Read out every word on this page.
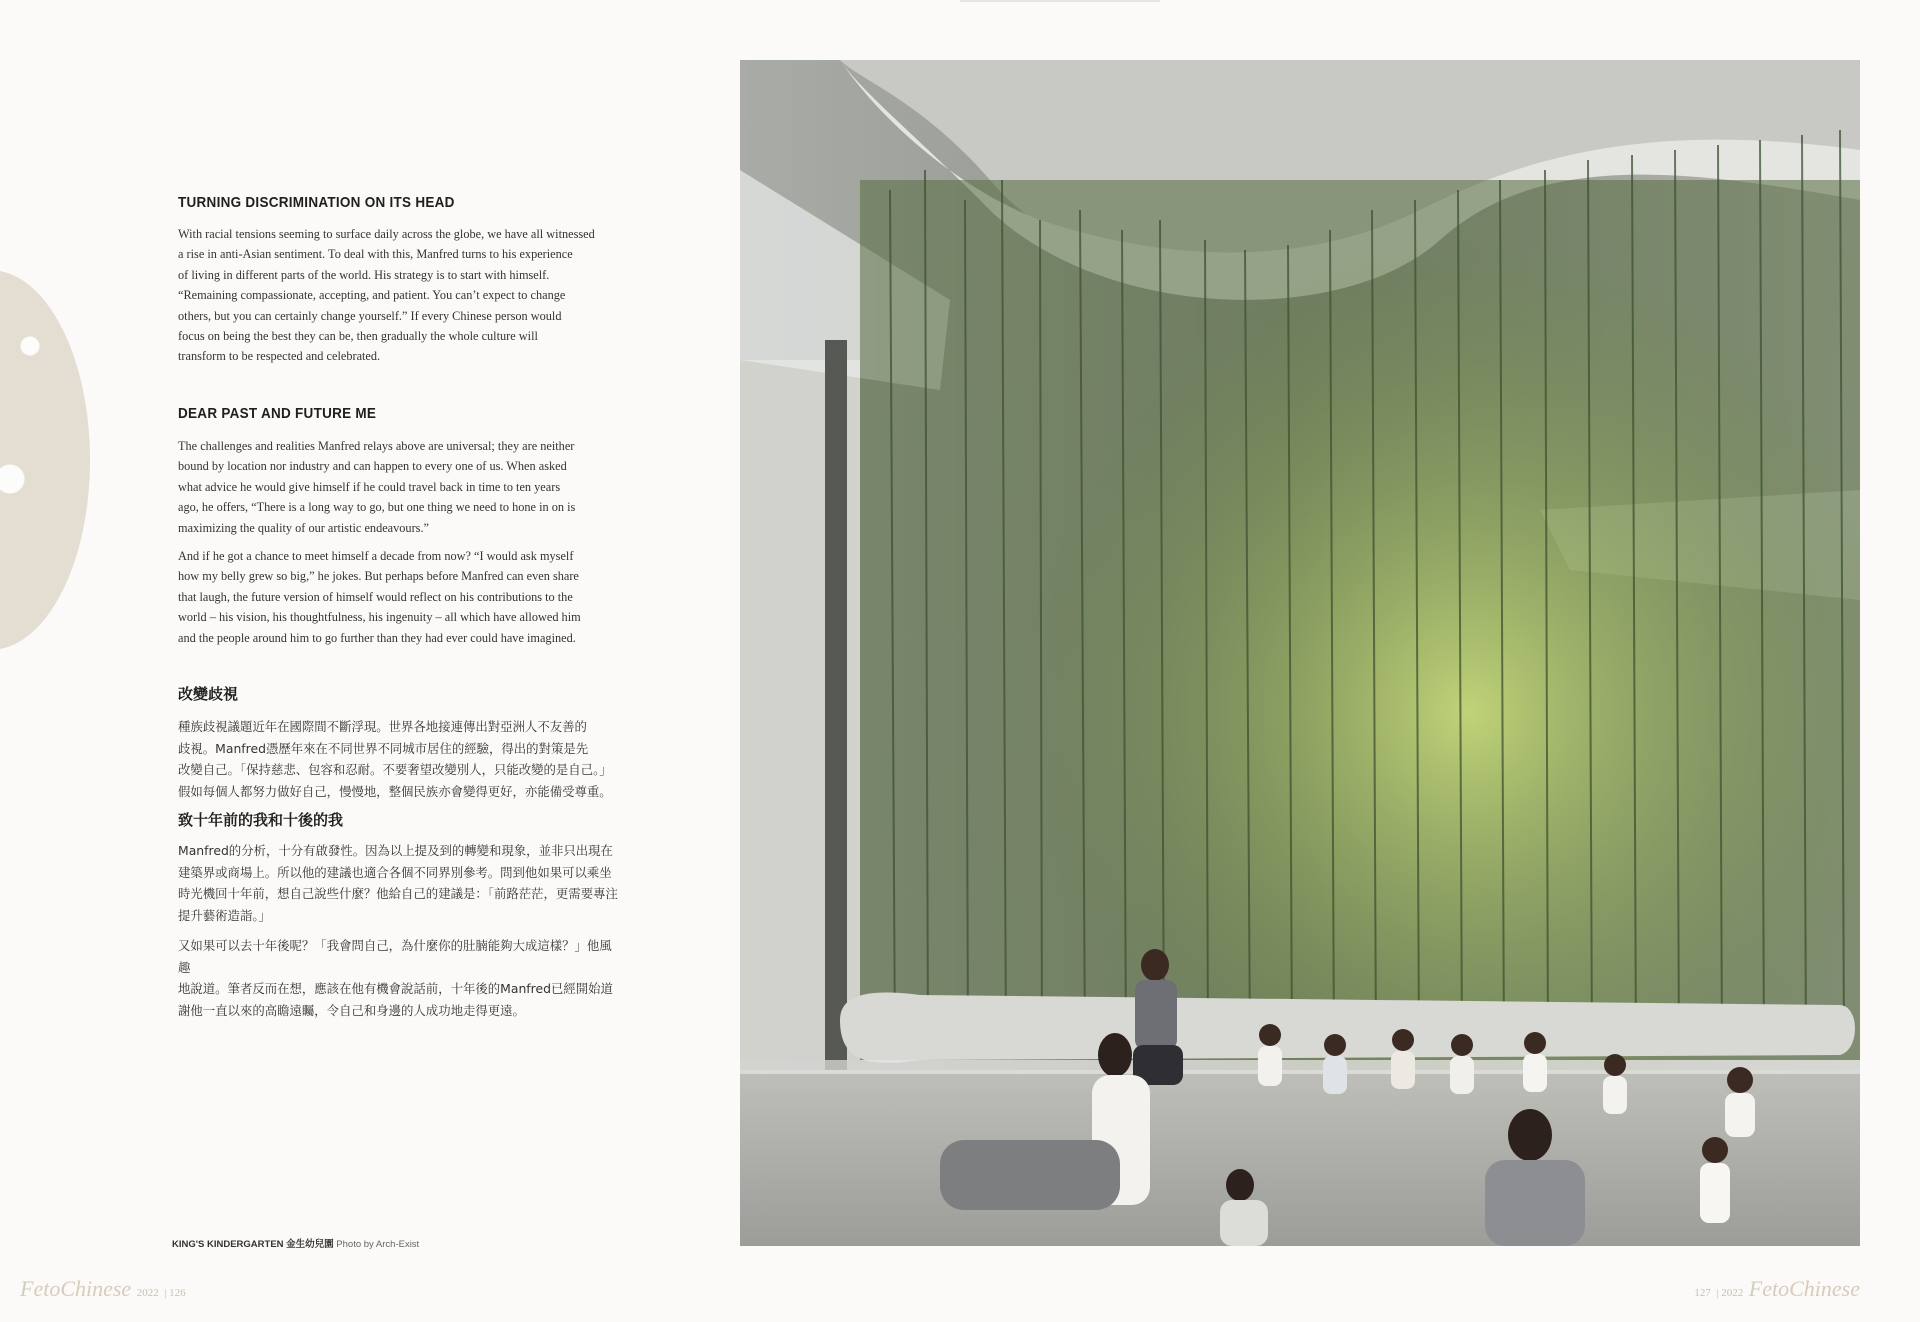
TURNING DISCRIMINATION ON ITS HEAD
With racial tensions seeming to surface daily across the globe, we have all witnessed
a rise in anti-Asian sentiment. To deal with this, Manfred turns to his experience
of living in different parts of the world. His strategy is to start with himself.
“Remaining compassionate, accepting, and patient. You can’t expect to change
others, but you can certainly change yourself.” If every Chinese person would
focus on being the best they can be, then gradually the whole culture will
transform to be respected and celebrated.
DEAR PAST AND FUTURE ME
The challenges and realities Manfred relays above are universal; they are neither
bound by location nor industry and can happen to every one of us. When asked
what advice he would give himself if he could travel back in time to ten years
ago, he offers, “There is a long way to go, but one thing we need to hone in on is
maximizing the quality of our artistic endeavours.”
And if he got a chance to meet himself a decade from now? “I would ask myself
how my belly grew so big,” he jokes. But perhaps before Manfred can even share
that laugh, the future version of himself would reflect on his contributions to the
world – his vision, his thoughtfulness, his ingenuity – all which have allowed him
and the people around him to go further than they had ever could have imagined.
改變歧視
種族歧視議題近年在國際間不斷浮現。世界各地接連傳出對亞洲人不友善的
歧視。Manfred憑歷年來在不同世界不同城市居住的經驗，得出的對策是先
改變自己。「保持慈悲、包容和忍耐。不要奢望改變別人，只能改變的是自己。」
假如每個人都努力做好自己，慢慢地，整個民族亦會變得更好，亦能備受尊重。
致十年前的我和十後的我
Manfred的分析，十分有啟發性。因為以上提及到的轉變和現象，並非只出現在
建築界或商場上。所以他的建議也適合各個不同界別參考。問到他如果可以乘坐
時光機回十年前，想自己說些什麼？他給自己的建議是：「前路茫茫，更需要專注
提升藝術造詣。」
又如果可以去十年後呢？「我會問自己，為什麼你的肚腩能夠大成這樣？」他風趣
地說道。筆者反而在想，應該在他有機會說話前，十年後的Manfred已經開始道
謝他一直以來的高瞻遠矚，令自己和身邊的人成功地走得更遠。
KING'S KINDERGARTEN 金生幼兒園 Photo by Arch-Exist
FetoChinese 2022  | 126	127  | 2022 FetoChinese
